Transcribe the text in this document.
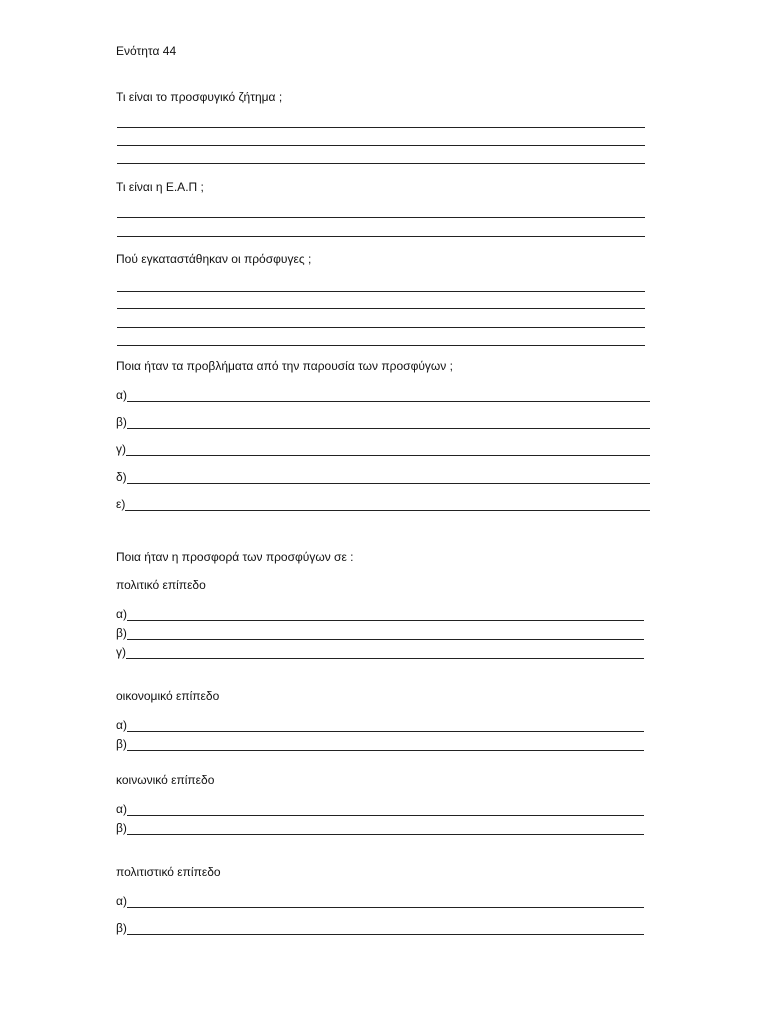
Ενότητα 44
Τι είναι το προσφυγικό ζήτημα ;
Τι είναι η Ε.Α.Π ;
Πού εγκαταστάθηκαν οι πρόσφυγες ;
Ποια ήταν τα προβλήματα από την παρουσία των προσφύγων ;
α)
β)
γ)
δ)
ε)
Ποια ήταν η προσφορά των προσφύγων σε :
πολιτικό επίπεδο
α)
β)
γ)
οικονομικό επίπεδο
α)
β)
κοινωνικό επίπεδο
α)
β)
πολιτιστικό επίπεδο
α)
β)
